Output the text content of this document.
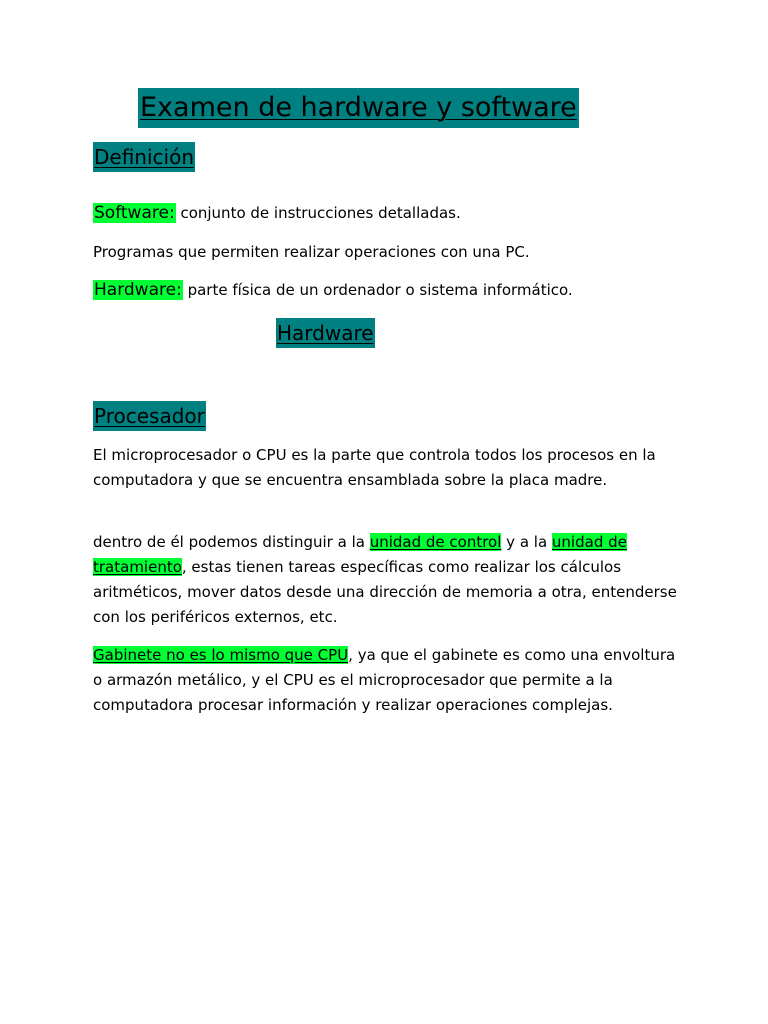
Examen de hardware y software
Definición
Software: conjunto de instrucciones detalladas.
Programas que permiten realizar operaciones con una PC.
Hardware: parte física de un ordenador o sistema informático.
Hardware
Procesador
El microprocesador o CPU es la parte que controla todos los procesos en la computadora y que se encuentra ensamblada sobre la placa madre.
dentro de él podemos distinguir a la unidad de control y a la unidad de tratamiento, estas tienen tareas específicas como realizar los cálculos aritméticos, mover datos desde una dirección de memoria a otra, entenderse con los periféricos externos, etc.
Gabinete no es lo mismo que CPU, ya que el gabinete es como una envoltura o armazón metálico, y el CPU es el microprocesador que permite a la computadora procesar información y realizar operaciones complejas.
